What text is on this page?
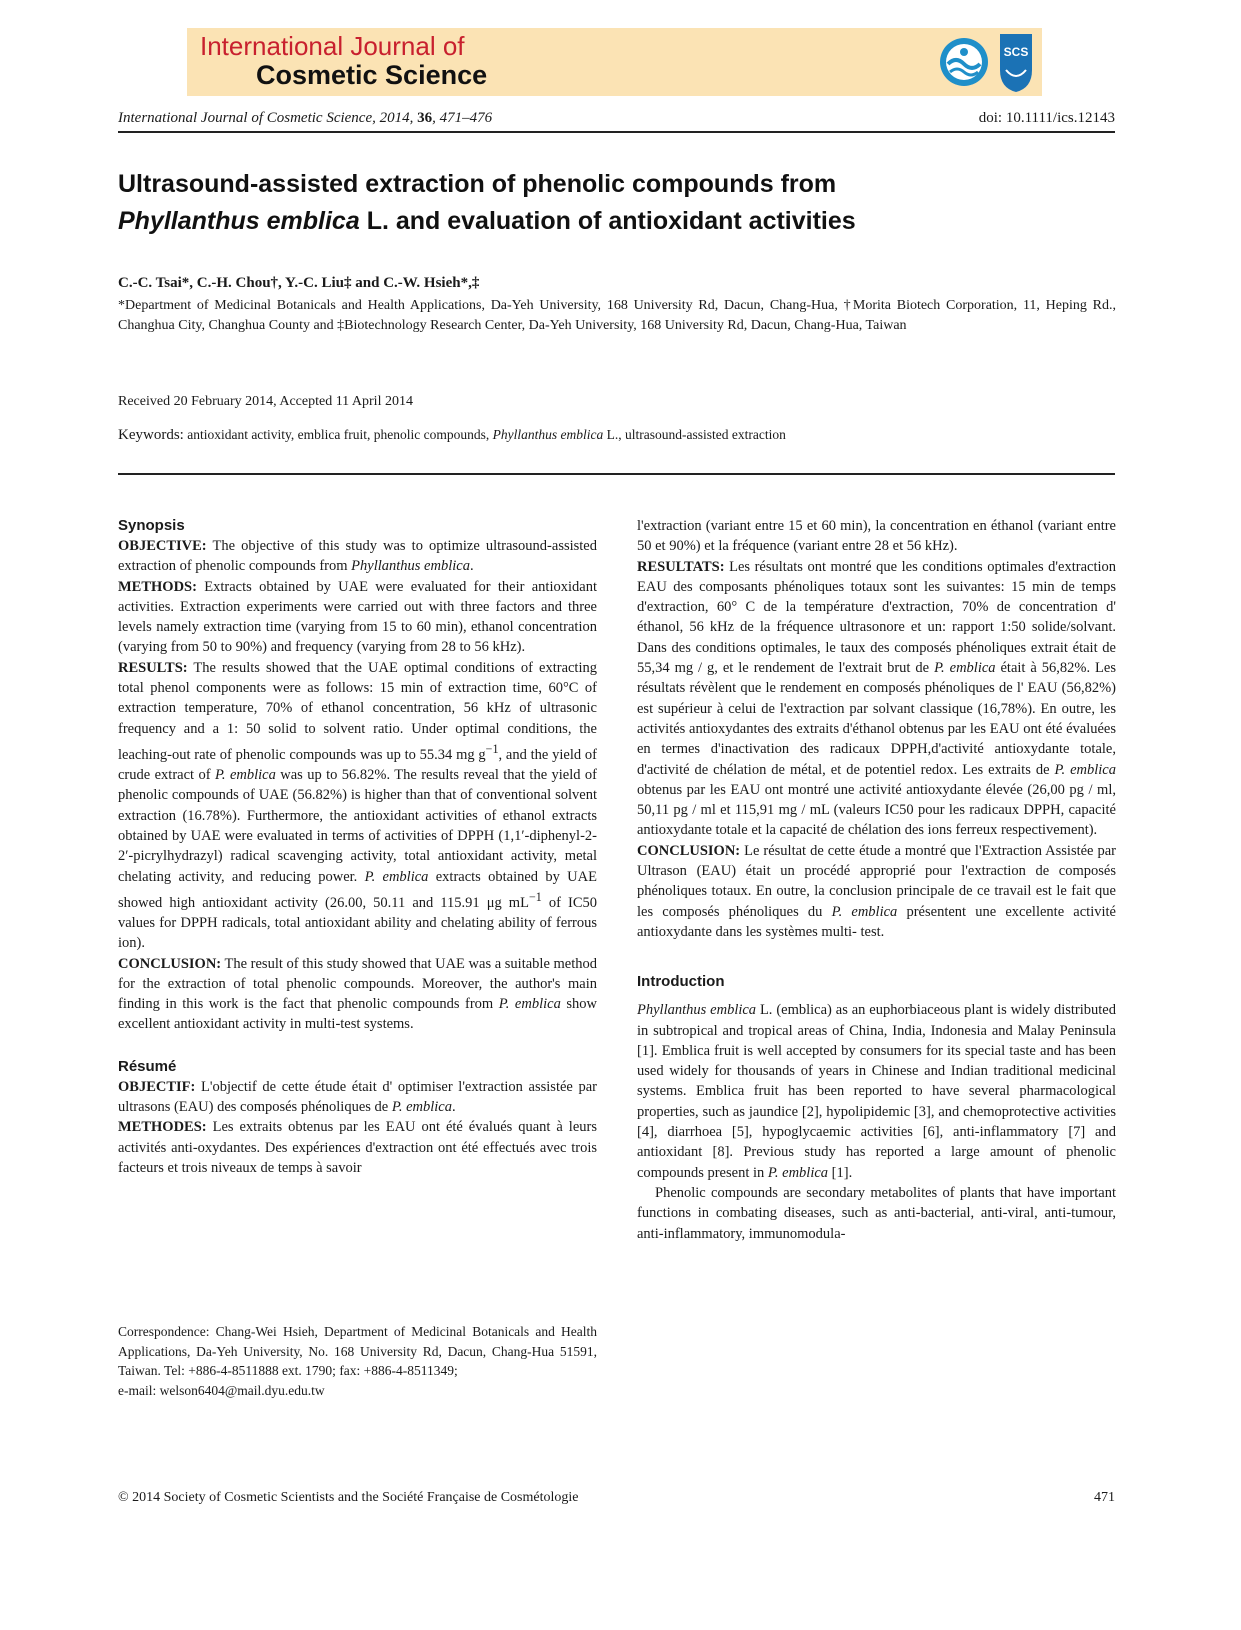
International Journal of
Cosmetic Science
SCS
International Journal of Cosmetic Science, 2014, 36, 471–476	doi: 10.1111/ics.12143
Ultrasound-assisted extraction of phenolic compounds from
Phyllanthus emblica L. and evaluation of antioxidant activities
C.-C. Tsai*, C.-H. Chou†, Y.-C. Liu‡ and C.-W. Hsieh*,‡
*Department of Medicinal Botanicals and Health Applications, Da-Yeh University, 168 University Rd, Dacun, Chang-Hua, †Morita Biotech Corporation, 11, Heping Rd., Changhua City, Changhua County and ‡Biotechnology Research Center, Da-Yeh University, 168 University Rd, Dacun, Chang-Hua, Taiwan
Received 20 February 2014, Accepted 11 April 2014
Keywords: antioxidant activity, emblica fruit, phenolic compounds, Phyllanthus emblica L., ultrasound-assisted extraction
Synopsis

OBJECTIVE: The objective of this study was to optimize ultrasound-assisted extraction of phenolic compounds from Phyllanthus emblica.

METHODS: Extracts obtained by UAE were evaluated for their antioxidant activities. Extraction experiments were carried out with three factors and three levels namely extraction time (varying from 15 to 60 min), ethanol concentration (varying from 50 to 90%) and frequency (varying from 28 to 56 kHz).

RESULTS: The results showed that the UAE optimal conditions of extracting total phenol components were as follows: 15 min of extraction time, 60°C of extraction temperature, 70% of ethanol concentration, 56 kHz of ultrasonic frequency and a 1: 50 solid to solvent ratio. Under optimal conditions, the leaching-out rate of phenolic compounds was up to 55.34 mg $g^{-1}$, and the yield of crude extract of P. emblica was up to 56.82%. The results reveal that the yield of phenolic compounds of UAE (56.82%) is higher than that of conventional solvent extraction (16.78%). Furthermore, the antioxidant activities of ethanol extracts obtained by UAE were evaluated in terms of activities of DPPH (1,1′-diphenyl-2-2′-picrylhydrazyl) radical scavenging activity, total antioxidant activity, metal chelating activity, and reducing power. P. emblica extracts obtained by UAE showed high antioxidant activity (26.00, 50.11 and 115.91 μg $mL^{-1}$ of IC50 values for DPPH radicals, total antioxidant ability and chelating ability of ferrous ion).

CONCLUSION: The result of this study showed that UAE was a suitable method for the extraction of total phenolic compounds. Moreover, the author's main finding in this work is the fact that phenolic compounds from P. emblica show excellent antioxidant activity in multi-test systems.

Résumé

OBJECTIF: L'objectif de cette étude était d' optimiser l'extraction assistée par ultrasons (EAU) des composés phénoliques de P. emblica.

METHODES: Les extraits obtenus par les EAU ont été évalués quant à leurs activités anti-oxydantes. Des expériences d'extraction ont été effectués avec trois facteurs et trois niveaux de temps à savoir

Correspondence: Chang-Wei Hsieh, Department of Medicinal Botanicals and Health Applications, Da-Yeh University, No. 168 University Rd, Dacun, Chang-Hua 51591, Taiwan. Tel: +886-4-8511888 ext. 1790; fax: +886-4-8511349;
e-mail: welson6404@mail.dyu.edu.tw

l'extraction (variant entre 15 et 60 min), la concentration en éthanol (variant entre 50 et 90%) et la fréquence (variant entre 28 et 56 kHz).

RESULTATS: Les résultats ont montré que les conditions optimales d'extraction EAU des composants phénoliques totaux sont les suivantes: 15 min de temps d'extraction, 60° C de la température d'extraction, 70% de concentration d' éthanol, 56 kHz de la fréquence ultrasonore et un: rapport 1:50 solide/solvant. Dans des conditions optimales, le taux des composés phénoliques extrait était de 55,34 mg / g, et le rendement de l'extrait brut de P. emblica était à 56,82%. Les résultats révèlent que le rendement en composés phénoliques de l' EAU (56,82%) est supérieur à celui de l'extraction par solvant classique (16,78%). En outre, les activités antioxydantes des extraits d'éthanol obtenus par les EAU ont été évaluées en termes d'inactivation des radicaux DPPH,d'activité antioxydante totale, d'activité de chélation de métal, et de potentiel redox. Les extraits de P. emblica obtenus par les EAU ont montré une activité antioxydante élevée (26,00 pg / ml, 50,11 pg / ml et 115,91 mg / mL (valeurs IC50 pour les radicaux DPPH, capacité antioxydante totale et la capacité de chélation des ions ferreux respectivement).

CONCLUSION: Le résultat de cette étude a montré que l'Extraction Assistée par Ultrason (EAU) était un procédé approprié pour l'extraction de composés phénoliques totaux. En outre, la conclusion principale de ce travail est le fait que les composés phénoliques du P. emblica présentent une excellente activité antioxydante dans les systèmes multi- test.

Introduction

Phyllanthus emblica L. (emblica) as an euphorbiaceous plant is widely distributed in subtropical and tropical areas of China, India, Indonesia and Malay Peninsula [1]. Emblica fruit is well accepted by consumers for its special taste and has been used widely for thousands of years in Chinese and Indian traditional medicinal systems. Emblica fruit has been reported to have several pharmacological properties, such as jaundice [2], hypolipidemic [3], and chemoprotective activities [4], diarrhoea [5], hypoglycaemic activities [6], anti-inflammatory [7] and antioxidant [8]. Previous study has reported a large amount of phenolic compounds present in P. emblica [1].

Phenolic compounds are secondary metabolites of plants that have important functions in combating diseases, such as anti-bacterial, anti-viral, anti-tumour, anti-inflammatory, immunomodula-

© 2014 Society of Cosmetic Scientists and the Société Française de Cosmétologie	471
